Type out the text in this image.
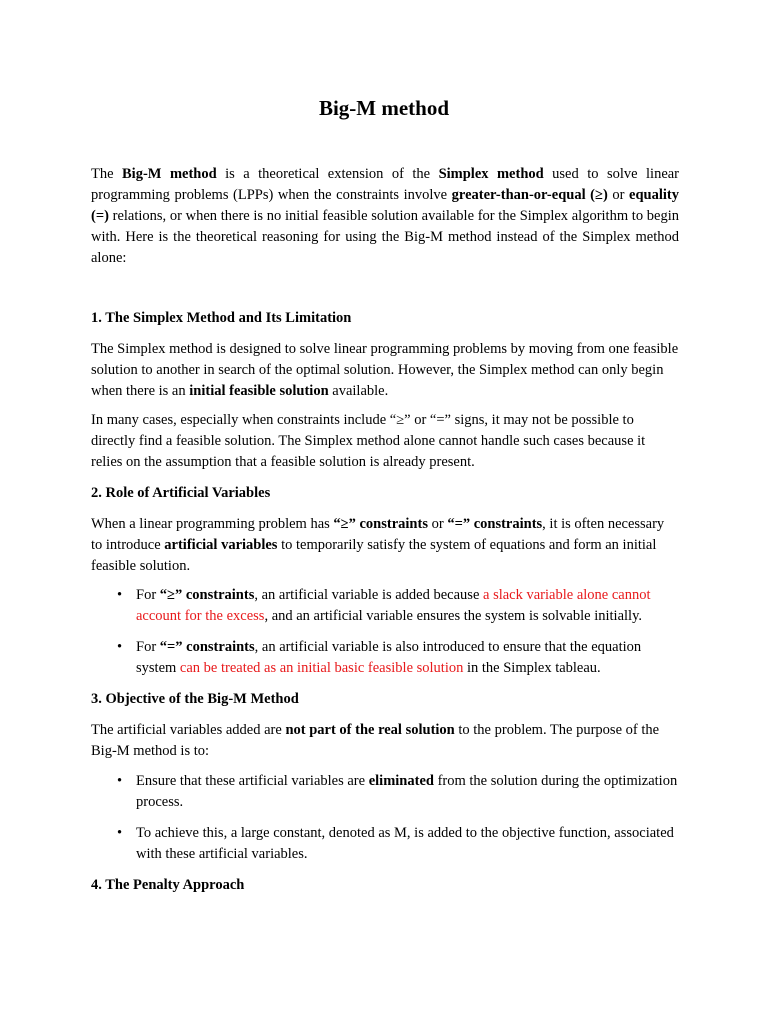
Big-M method

The Big-M method is a theoretical extension of the Simplex method used to solve linear programming problems (LPPs) when the constraints involve greater-than-or-equal (≥) or equality (=) relations, or when there is no initial feasible solution available for the Simplex algorithm to begin with. Here is the theoretical reasoning for using the Big-M method instead of the Simplex method alone:

1. The Simplex Method and Its Limitation

The Simplex method is designed to solve linear programming problems by moving from one feasible solution to another in search of the optimal solution. However, the Simplex method can only begin when there is an initial feasible solution available.

In many cases, especially when constraints include “≥” or “=” signs, it may not be possible to directly find a feasible solution. The Simplex method alone cannot handle such cases because it relies on the assumption that a feasible solution is already present.

2. Role of Artificial Variables

When a linear programming problem has “≥” constraints or “=” constraints, it is often necessary to introduce artificial variables to temporarily satisfy the system of equations and form an initial feasible solution.

• For “≥” constraints, an artificial variable is added because a slack variable alone cannot account for the excess, and an artificial variable ensures the system is solvable initially.

• For “=” constraints, an artificial variable is also introduced to ensure that the equation system can be treated as an initial basic feasible solution in the Simplex tableau.

3. Objective of the Big-M Method

The artificial variables added are not part of the real solution to the problem. The purpose of the Big-M method is to:

• Ensure that these artificial variables are eliminated from the solution during the optimization process.

• To achieve this, a large constant, denoted as M, is added to the objective function, associated with these artificial variables.

4. The Penalty Approach
